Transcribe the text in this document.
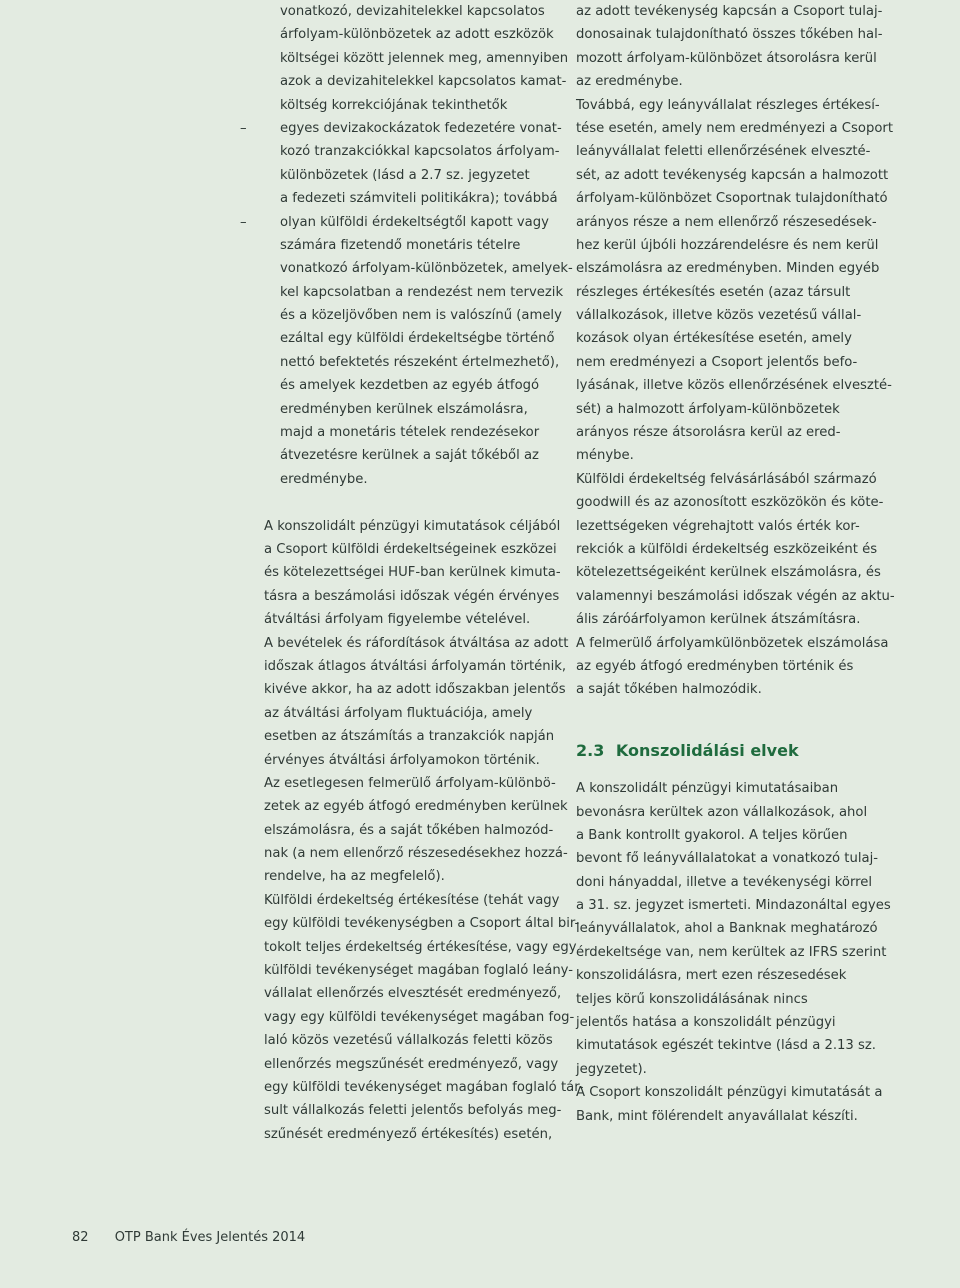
vonatkozó, devizahitelekkel kapcsolatos
árfolyam-különbözetek az adott eszközök
költségei között jelennek meg, amennyiben
azok a devizahitelekkel kapcsolatos kamat-
költség korrekciójának tekinthetők
–	egyes devizakockázatok fedezetére vonat-
kozó tranzakciókkal kapcsolatos árfolyam-
különbözetek (lásd a 2.7 sz. jegyzetet
a fedezeti számviteli politikákra); továbbá
–	olyan külföldi érdekeltségtől kapott vagy
számára fizetendő monetáris tételre
vonatkozó árfolyam-különbözetek, amelyek-
kel kapcsolatban a rendezést nem tervezik
és a közeljövőben nem is valószínű (amely
ezáltal egy külföldi érdekeltségbe történő
nettó befektetés részeként értelmezhető),
és amelyek kezdetben az egyéb átfogó
eredményben kerülnek elszámolásra,
majd a monetáris tételek rendezésekor
átvezetésre kerülnek a saját tőkéből az
eredménybe.
A konszolidált pénzügyi kimutatások céljából
a Csoport külföldi érdekeltségeinek eszközei
és kötelezettségei HUF-ban kerülnek kimuta-
tásra a beszámolási időszak végén érvényes
átváltási árfolyam figyelembe vételével.
A bevételek és ráfordítások átváltása az adott
időszak átlagos átváltási árfolyamán történik,
kivéve akkor, ha az adott időszakban jelentős
az átváltási árfolyam fluktuációja, amely
esetben az átszámítás a tranzakciók napján
érvényes átváltási árfolyamokon történik.
Az esetlegesen felmerülő árfolyam-különbö-
zetek az egyéb átfogó eredményben kerülnek
elszámolásra, és a saját tőkében halmozód-
nak (a nem ellenőrző részesedésekhez hozzá-
rendelve, ha az megfelelő).
Külföldi érdekeltség értékesítése (tehát vagy
egy külföldi tevékenységben a Csoport által bir-
tokolt teljes érdekeltség értékesítése, vagy egy
külföldi tevékenységet magában foglaló leány-
vállalat ellenőrzés elvesztését eredményező,
vagy egy külföldi tevékenységet magában fog-
laló közös vezetésű vállalkozás feletti közös
ellenőrzés megszűnését eredményező, vagy
egy külföldi tevékenységet magában foglaló tár-
sult vállalkozás feletti jelentős befolyás meg-
szűnését eredményező értékesítés) esetén,
az adott tevékenység kapcsán a Csoport tulaj-
donosainak tulajdonítható összes tőkében hal-
mozott árfolyam-különbözet átsorolásra kerül
az eredménybe.
Továbbá, egy leányvállalat részleges értékesí-
tése esetén, amely nem eredményezi a Csoport
leányvállalat feletti ellenőrzésének elveszté-
sét, az adott tevékenység kapcsán a halmozott
árfolyam-különbözet Csoportnak tulajdonítható
arányos része a nem ellenőrző részesedések-
hez kerül újbóli hozzárendelésre és nem kerül
elszámolásra az eredményben. Minden egyéb
részleges értékesítés esetén (azaz társult
vállalkozások, illetve közös vezetésű vállal-
kozások olyan értékesítése esetén, amely
nem eredményezi a Csoport jelentős befo-
lyásának, illetve közös ellenőrzésének elveszté-
sét) a halmozott árfolyam-különbözetek
arányos része átsorolásra kerül az ered-
ménybe.
Külföldi érdekeltség felvásárlásából származó
goodwill és az azonosított eszközökön és köte-
lezettségeken végrehajtott valós érték kor-
rekciók a külföldi érdekeltség eszközeiként és
kötelezettségeiként kerülnek elszámolásra, és
valamennyi beszámolási időszak végén az aktu-
ális záróárfolyamon kerülnek átszámításra.
A felmerülő árfolyamkülönbözetek elszámolása
az egyéb átfogó eredményben történik és
a saját tőkében halmozódik.
2.3 Konszolidálási elvek
A konszolidált pénzügyi kimutatásaiban
bevonásra kerültek azon vállalkozások, ahol
a Bank kontrollt gyakorol. A teljes körűen
bevont fő leányvállalatokat a vonatkozó tulaj-
doni hányaddal, illetve a tevékenységi körrel
a 31. sz. jegyzet ismerteti. Mindazonáltal egyes
leányvállalatok, ahol a Banknak meghatározó
érdekeltsége van, nem kerültek az IFRS szerint
konszolidálásra, mert ezen részesedések
teljes körű konszolidálásának nincs
jelentős hatása a konszolidált pénzügyi
kimutatások egészét tekintve (lásd a 2.13 sz.
jegyzetet).
A Csoport konszolidált pénzügyi kimutatását a
Bank, mint fölérendelt anyavállalat készíti.
82 OTP Bank Éves Jelentés 2014
